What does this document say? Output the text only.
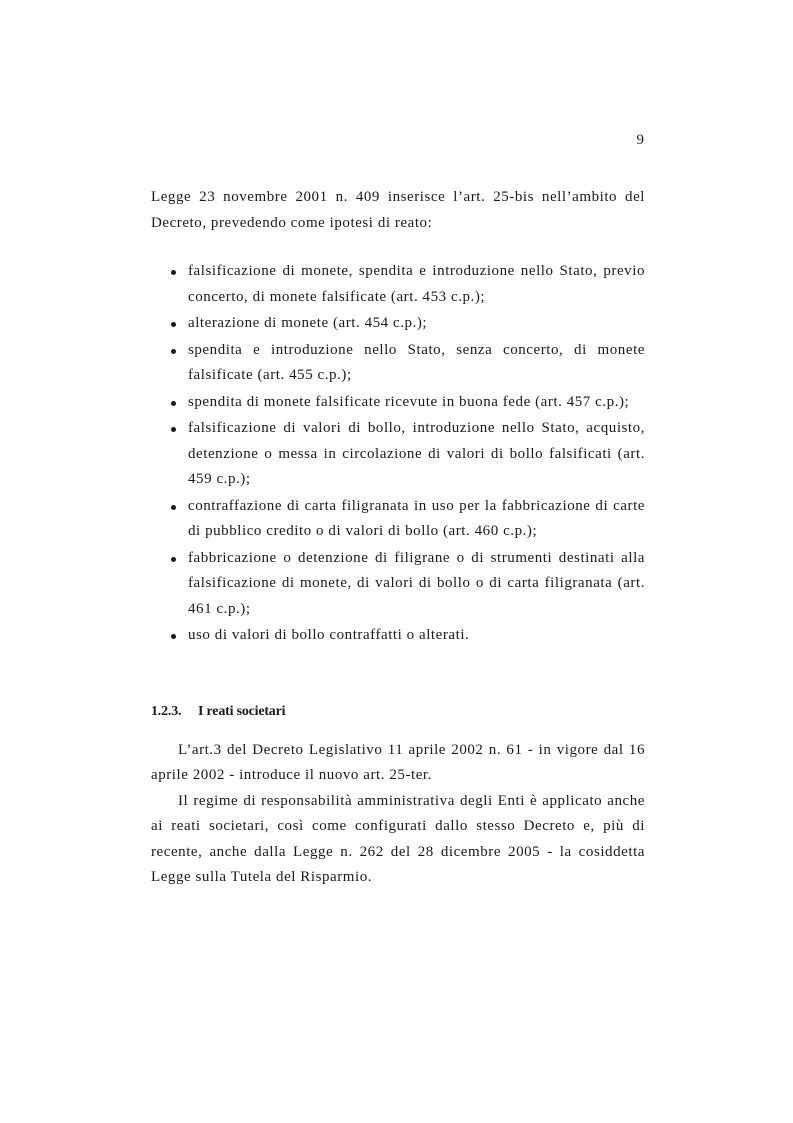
9

Legge 23 novembre 2001 n. 409 inserisce l’art. 25-bis nell’ambito del Decreto, prevedendo come ipotesi di reato:

falsificazione di monete, spendita e introduzione nello Stato, previo concerto, di monete falsificate (art. 453 c.p.);
alterazione di monete (art. 454 c.p.);
spendita e introduzione nello Stato, senza concerto, di monete falsificate (art. 455 c.p.);
spendita di monete falsificate ricevute in buona fede (art. 457 c.p.);
falsificazione di valori di bollo, introduzione nello Stato, acquisto, detenzione o messa in circolazione di valori di bollo falsificati (art. 459 c.p.);
contraffazione di carta filigranata in uso per la fabbricazione di carte di pubblico credito o di valori di bollo (art. 460 c.p.);
fabbricazione o detenzione di filigrane o di strumenti destinati alla falsificazione di monete, di valori di bollo o di carta filigranata (art. 461 c.p.);
uso di valori di bollo contraffatti o alterati.
1.2.3.	I reati societari

L’art.3 del Decreto Legislativo 11 aprile 2002 n. 61 - in vigore dal 16 aprile 2002 - introduce il nuovo art. 25-ter.

Il regime di responsabilità amministrativa degli Enti è applicato anche ai reati societari, così come configurati dallo stesso Decreto e, più di recente, anche dalla Legge n. 262 del 28 dicembre 2005 - la cosiddetta Legge sulla Tutela del Risparmio.
